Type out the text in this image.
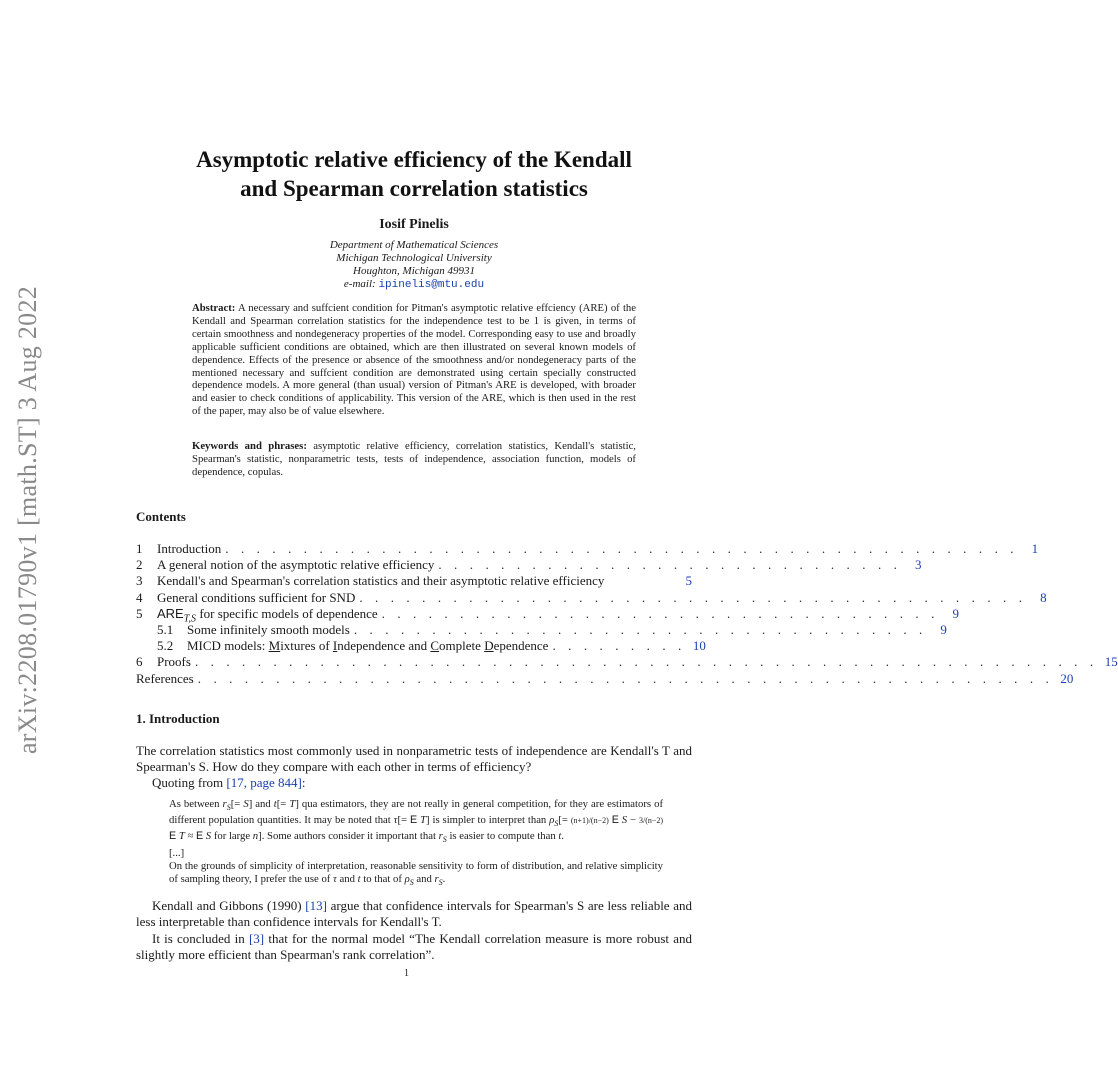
arXiv:2208.01790v1 [math.ST] 3 Aug 2022
Asymptotic relative efficiency of the Kendall
and Spearman correlation statistics
Iosif Pinelis
Department of Mathematical Sciences
Michigan Technological University
Houghton, Michigan 49931
e-mail: ipinelis@mtu.edu
Abstract: A necessary and suffcient condition for Pitman's asymptotic relative effciency (ARE) of the Kendall and Spearman correlation statistics for the independence test to be 1 is given, in terms of certain smoothness and nondegeneracy properties of the model. Corresponding easy to use and broadly applicable sufficient conditions are obtained, which are then illustrated on several known models of dependence. Effects of the presence or absence of the smoothness and/or nondegeneracy parts of the mentioned necessary and suffcient condition are demonstrated using certain specially constructed dependence models. A more general (than usual) version of Pitman's ARE is developed, with broader and easier to check conditions of applicability. This version of the ARE, which is then used in the rest of the paper, may also be of value elsewhere.
Keywords and phrases: asymptotic relative efficiency, correlation statistics, Kendall's statistic, Spearman's statistic, nonparametric tests, tests of independence, association function, models of dependence, copulas.
Contents
1	Introduction . . . . . . . . . . . . . . . . . . . . . . . . . . . . . . . . . . . . . . . . . . . . . . . . . . .	1
2	A general notion of the asymptotic relative efficiency . . . . . . . . . . . . . . . . . . . . . . . . . . . . . .	3
3	Kendall's and Spearman's correlation statistics and their asymptotic relative efficiency	5
4	General conditions sufficient for SND . . . . . . . . . . . . . . . . . . . . . . . . . . . . . . . . . . . . . . . . . . .	8
5	$ARE_{T,S}$ for specific models of dependence . . . . . . . . . . . . . . . . . . . . . . . . . . . . . . . . . . . .	9
5.1	Some infinitely smooth models . . . . . . . . . . . . . . . . . . . . . . . . . . . . . . . . . . . . .	9
5.2	MICD models: Mixtures of Independence and Complete Dependence . . . . . . . . . 10
6	Proofs . . . . . . . . . . . . . . . . . . . . . . . . . . . . . . . . . . . . . . . . . . . . . . . . . . . . . . . . . . 15
References . . . . . . . . . . . . . . . . . . . . . . . . . . . . . . . . . . . . . . . . . . . . . . . . . . . . . . . 20
1. Introduction
The correlation statistics most commonly used in nonparametric tests of independence are Kendall's T and Spearman's S. How do they compare with each other in terms of efficiency?
Quoting from [17, page 844]:
As between $r_S[= S]$ and t[= T] qua estimators, they are not really in general competition, for they are estimators of different population quantities. It may be noted that τ[= E T] is simpler to interpret than $\rho_S[= (n+1)/(n-2)$ E S − 3/(n−2) E T ≈ E S for large n]. Some authors consider it important that $r_S$ is easier to compute than t.
[...]
On the grounds of simplicity of interpretation, reasonable sensitivity to form of distribution, and relative simplicity of sampling theory, I prefer the use of τ and t to that of $\rho_S$ and $r_S$.
Kendall and Gibbons (1990) [13] argue that confidence intervals for Spearman's S are less reliable and less interpretable than confidence intervals for Kendall's T.
It is concluded in [3] that for the normal model “The Kendall correlation measure is more robust and slightly more efficient than Spearman's rank correlation”.
1
